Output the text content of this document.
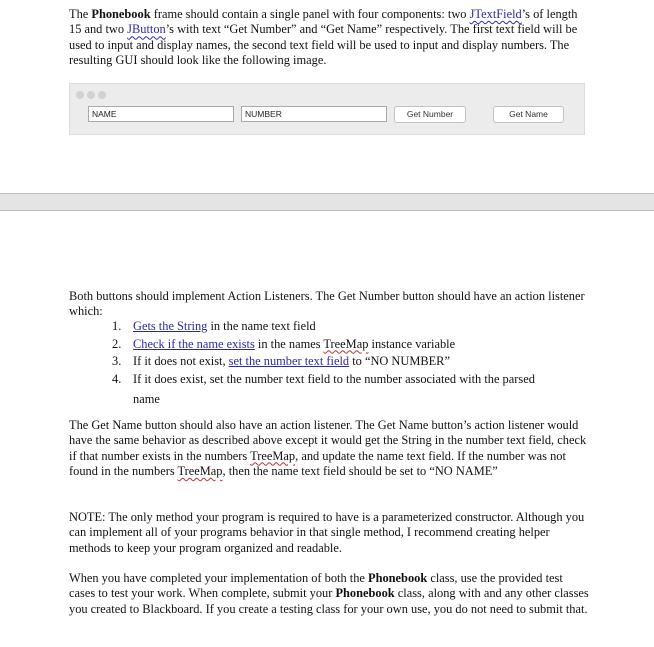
The Phonebook frame should contain a single panel with four components: two JTextField’s of length 15 and two JButton’s with text “Get Number” and “Get Name” respectively. The first text field will be used to input and display names, the second text field will be used to input and display numbers. The resulting GUI should look like the following image.

NAME	NUMBER	Get Number	Get Name

Both buttons should implement Action Listeners. The Get Number button should have an action listener which:

1. Gets the String in the name text field
2. Check if the name exists in the names TreeMap instance variable
3. If it does not exist, set the number text field to “NO NUMBER”
4. If it does exist, set the number text field to the number associated with the parsed
name

The Get Name button should also have an action listener. The Get Name button’s action listener would have the same behavior as described above except it would get the String in the number text field, check if that number exists in the numbers TreeMap, and update the name text field. If the number was not found in the numbers TreeMap, then the name text field should be set to “NO NAME”

NOTE: The only method your program is required to have is a parameterized constructor. Although you can implement all of your programs behavior in that single method, I recommend creating helper methods to keep your program organized and readable.

When you have completed your implementation of both the Phonebook class, use the provided test cases to test your work. When complete, submit your Phonebook class, along with and any other classes you created to Blackboard. If you create a testing class for your own use, you do not need to submit that.
